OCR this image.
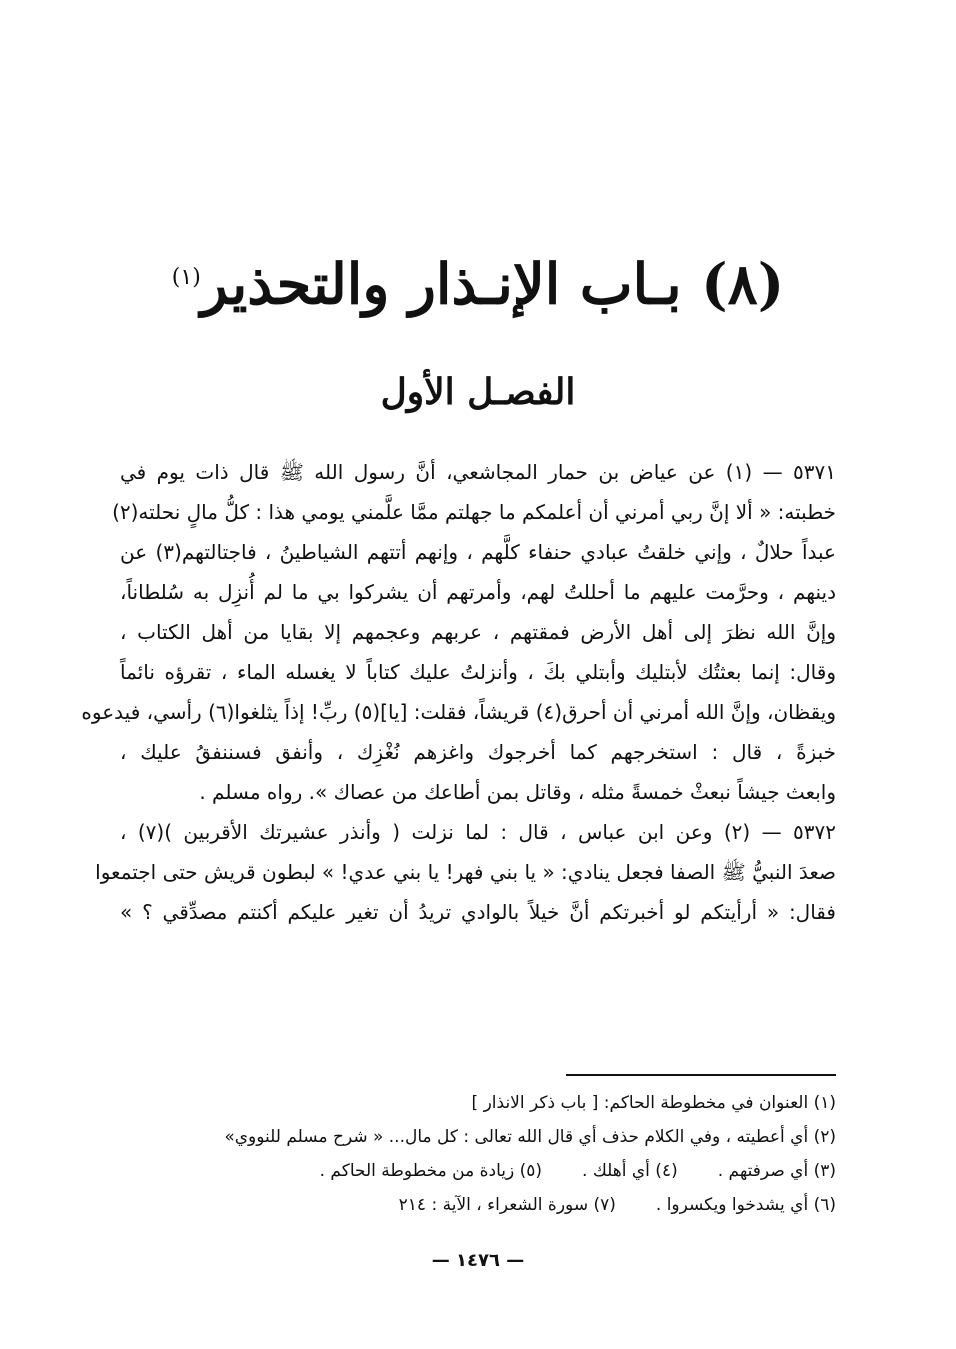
(٨) بـاب الإنـذار والتحذير$^{(١)}$
الفصـل الأول
٥٣٧١ — (١) عن عياض بن حمار المجاشعي، أنَّ رسول الله ﷺ قال ذات يوم في
خطبته: « ألا إنَّ ربي أمرني أن أعلمكم ما جهلتم ممَّا علَّمني يومي هذا : كلُّ مالٍ نحلته(٢)
عبداً حلالٌ ، وإني خلقتُ عبادي حنفاء كلَّهم ، وإنهم أتتهم الشياطينُ ، فاجتالتهم(٣) عن
دينهم ، وحرَّمت عليهم ما أحللتُ لهم، وأمرتهم أن يشركوا بي ما لم أُنزِل به سُلطاناً،
وإنَّ الله نظرَ إلى أهل الأرض فمقتهم ، عربهم وعجمهم إلا بقايا من أهل الكتاب ،
وقال: إنما بعثتُك لأبتليك وأبتلي بكَ ، وأنزلتُ عليك كتاباً لا يغسله الماء ، تقرؤه نائماً
ويقظان، وإنَّ الله أمرني أن أحرق(٤) قريشاً، فقلت: [يا](٥) ربِّ! إذاً يثلغوا(٦) رأسي، فيدعوه
خبزةً ، قال : استخرجهم كما أخرجوك واغزهم نُغْزِك ، وأنفق فسننفقُ عليك ،
وابعث جيشاً نبعثْ خمسةً مثله ، وقاتل بمن أطاعك من عصاك ». رواه مسلم .
٥٣٧٢ — (٢) وعن ابن عباس ، قال : لما نزلت ( وأنذر عشيرتك الأقربين )(٧) ،
صعدَ النبيُّ ﷺ الصفا فجعل ينادي: « يا بني فهر! يا بني عدي! » لبطون قريش حتى اجتمعوا
فقال: « أرأيتكم لو أخبرتكم أنَّ خيلاً بالوادي تريدُ أن تغير عليكم أكنتم مصدِّقي ؟ »
(١) العنوان في مخطوطة الحاكم: [ باب ذكر الانذار ]
(٢) أي أعطيته ، وفي الكلام حذف أي قال الله تعالى : كل مال... « شرح مسلم للنووي»
(٣) أي صرفتهم .
(٤) أي أهلك .
(٥) زيادة من مخطوطة الحاكم .
(٦) أي يشدخوا ويكسروا .
(٧) سورة الشعراء ، الآية : ٢١٤
— ١٤٧٦ —
